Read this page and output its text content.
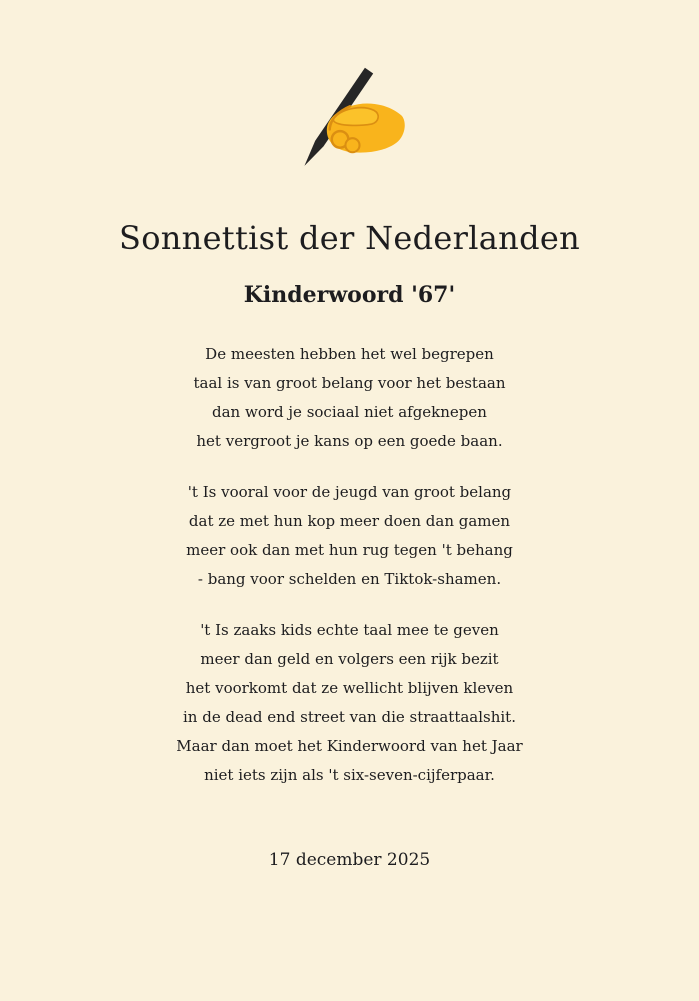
Sonnettist der Nederlanden
Kinderwoord '67'

De meesten hebben het wel begrepen

taal is van groot belang voor het bestaan

dan word je sociaal niet afgeknepen

het vergroot je kans op een goede baan.

't Is vooral voor de jeugd van groot belang

dat ze met hun kop meer doen dan gamen

meer ook dan met hun rug tegen 't behang

- bang voor schelden en Tiktok-shamen.

't Is zaaks kids echte taal mee te geven

meer dan geld en volgers een rijk bezit

het voorkomt dat ze wellicht blijven kleven

in de dead end street van die straattaalshit.

Maar dan moet het Kinderwoord van het Jaar

niet iets zijn als 't six-seven-cijferpaar.

17 december 2025
